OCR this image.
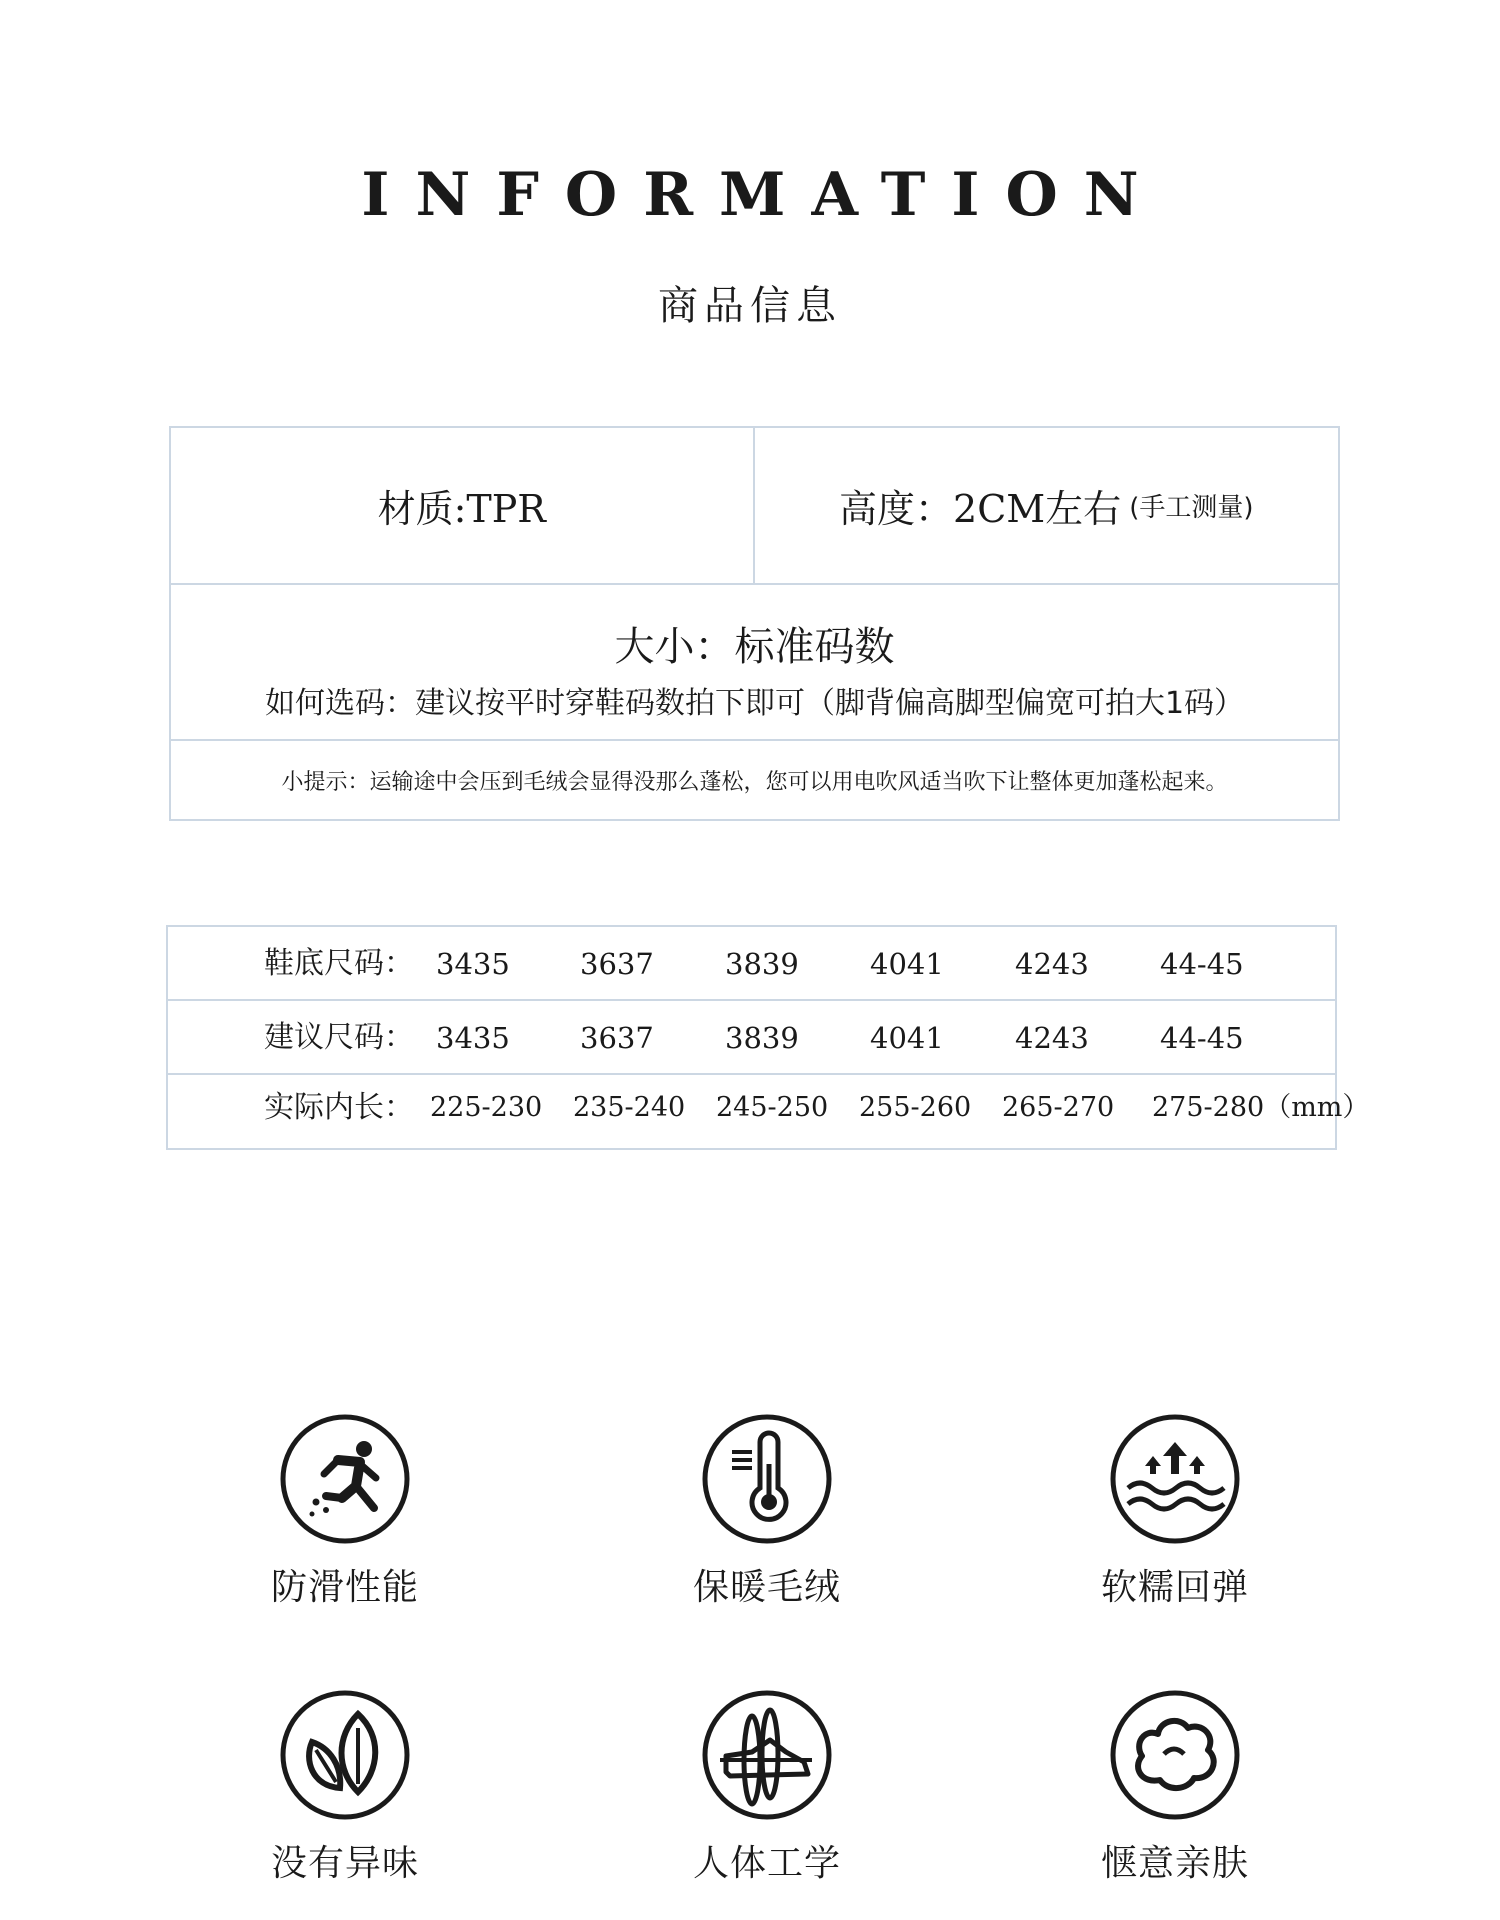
INFORMATION
商品信息
材质:TPR	高度：2CM左右 (手工测量)
大小：标准码数
如何选码：建议按平时穿鞋码数拍下即可（脚背偏高脚型偏宽可拍大1码）
小提示：运输途中会压到毛绒会显得没那么蓬松，您可以用电吹风适当吹下让整体更加蓬松起来。
鞋底尺码： 3435 3637 3839 4041 4243 44-45
建议尺码： 3435 3637 3839 4041 4243 44-45
实际内长： 225-230 235-240 245-250 255-260 265-270 275-280（mm）
防滑性能	保暖毛绒	软糯回弹
没有异味	人体工学	惬意亲肤
